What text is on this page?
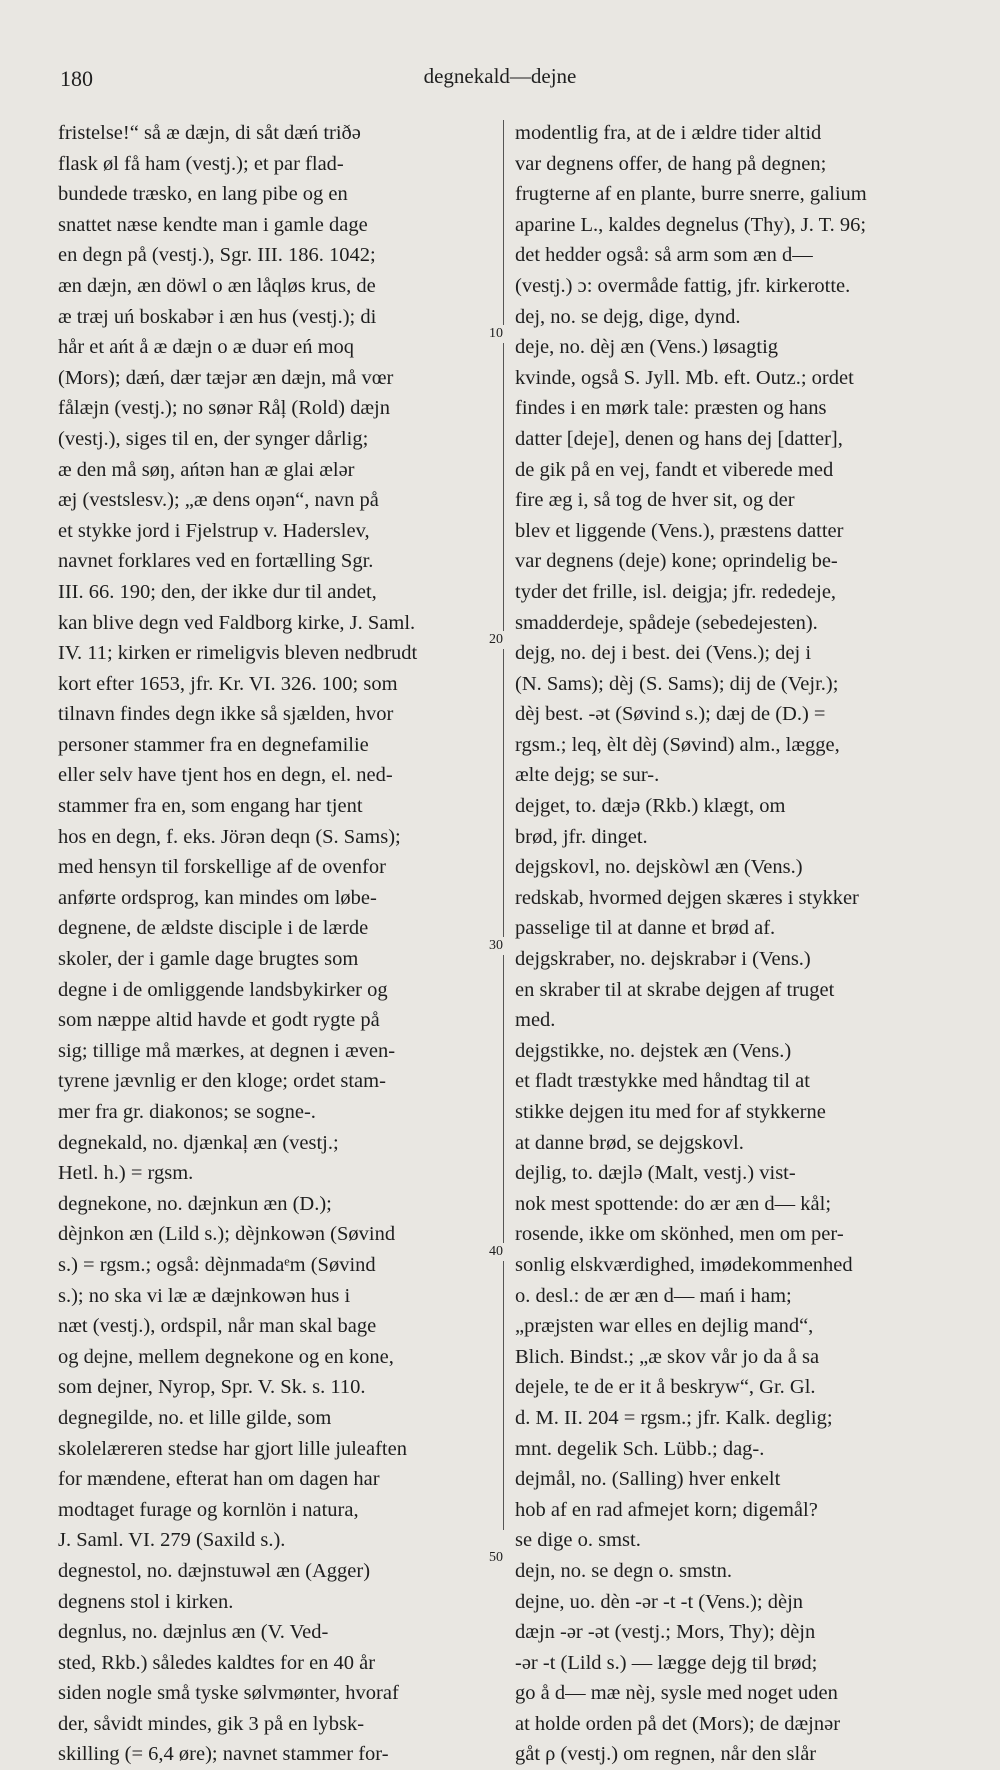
180	degnekald—dejne
10
20
30
40
50
fristelse!“ så æ dæjn, di såt dæń triðə
flask øl få ham (vestj.); et par flad-
bundede træsko, en lang pibe og en
snattet næse kendte man i gamle dage
en degn på (vestj.), Sgr. III. 186. 1042;
æn dæjn, æn döwl o æn låqløs krus, de
æ træj uń boskabər i æn hus (vestj.); di
hår et ańt å æ dæjn o æ duər eń moq
(Mors); dæń, dær tæjər æn dæjn, må vœr
fålæjn (vestj.); no sønər Råļ (Rold) dæjn
(vestj.), siges til en, der synger dårlig;
æ den må søŋ, ańtən han æ glai ælər
æj (vestslesv.); „æ dens oŋən“, navn på
et stykke jord i Fjelstrup v. Haderslev,
navnet forklares ved en fortælling Sgr.
III. 66. 190; den, der ikke dur til andet,
kan blive degn ved Faldborg kirke, J. Saml.
IV. 11; kirken er rimeligvis bleven nedbrudt
kort efter 1653, jfr. Kr. VI. 326. 100; som
tilnavn findes degn ikke så sjælden, hvor
personer stammer fra en degnefamilie
eller selv have tjent hos en degn, el. ned-
stammer fra en, som engang har tjent
hos en degn, f. eks. Jörən deqn (S. Sams);
med hensyn til forskellige af de ovenfor
anførte ordsprog, kan mindes om løbe-
degnene, de ældste disciple i de lærde
skoler, der i gamle dage brugtes som
degne i de omliggende landsbykirker og
som næppe altid havde et godt rygte på
sig; tillige må mærkes, at degnen i æven-
tyrene jævnlig er den kloge; ordet stam-
mer fra gr. diakonos; se sogne-.
degnekald, no. djænkaļ æn (vestj.;
Hetl. h.) = rgsm.
degnekone, no. dæjnkun æn (D.);
dèjnkon æn (Lild s.); dèjnkowən (Søvind
s.) = rgsm.; også: dèjnmadaᵉm (Søvind
s.); no ska vi læ æ dæjnkowən hus i
næt (vestj.), ordspil, når man skal bage
og dejne, mellem degnekone og en kone,
som dejner, Nyrop, Spr. V. Sk. s. 110.
degnegilde, no. et lille gilde, som
skolelæreren stedse har gjort lille juleaften
for mændene, efterat han om dagen har
modtaget furage og kornlön i natura,
J. Saml. VI. 279 (Saxild s.).
degnestol, no. dæjnstuwəl æn (Agger)
degnens stol i kirken.
degnlus, no. dæjnlus æn (V. Ved-
sted, Rkb.) således kaldtes for en 40 år
siden nogle små tyske sølvmønter, hvoraf
der, såvidt mindes, gik 3 på en lybsk-
skilling (= 6,4 øre); navnet stammer for-
modentlig fra, at de i ældre tider altid
var degnens offer, de hang på degnen;
frugterne af en plante, burre snerre, galium
aparine L., kaldes degnelus (Thy), J. T. 96;
det hedder også: så arm som æn d—
(vestj.) ɔ: overmåde fattig, jfr. kirkerotte.
dej, no. se dejg, dige, dynd.
deje, no. dèj æn (Vens.) løsagtig
kvinde, også S. Jyll. Mb. eft. Outz.; ordet
findes i en mørk tale: præsten og hans
datter [deje], denen og hans dej [datter],
de gik på en vej, fandt et viberede med
fire æg i, så tog de hver sit, og der
blev et liggende (Vens.), præstens datter
var degnens (deje) kone; oprindelig be-
tyder det frille, isl. deigja; jfr. rededeje,
smadderdeje, spådeje (sebedejesten).
dejg, no. dej i best. dei (Vens.); dej i
(N. Sams); dèj (S. Sams); dij de (Vejr.);
dèj best. -ət (Søvind s.); dæj de (D.) =
rgsm.; leq, èlt dèj (Søvind) alm., lægge,
ælte dejg; se sur-.
dejget, to. dæjə (Rkb.) klægt, om
brød, jfr. dinget.
dejgskovl, no. dejskòwl æn (Vens.)
redskab, hvormed dejgen skæres i stykker
passelige til at danne et brød af.
dejgskraber, no. dejskrabər i (Vens.)
en skraber til at skrabe dejgen af truget
med.
dejgstikke, no. dejstek æn (Vens.)
et fladt træstykke med håndtag til at
stikke dejgen itu med for af stykkerne
at danne brød, se dejgskovl.
dejlig, to. dæjlə (Malt, vestj.) vist-
nok mest spottende: do ær æn d— kål;
rosende, ikke om skönhed, men om per-
sonlig elskværdighed, imødekommenhed
o. desl.: de ær æn d— mań i ham;
„præjsten war elles en dejlig mand“,
Blich. Bindst.; „æ skov vår jo da å sa
dejele, te de er it å beskryw“, Gr. Gl.
d. M. II. 204 = rgsm.; jfr. Kalk. deglig;
mnt. degelik Sch. Lübb.; dag-.
dejmål, no. (Salling) hver enkelt
hob af en rad afmejet korn; digemål?
se dige o. smst.
dejn, no. se degn o. smstn.
dejne, uo. dèn -ər -t -t (Vens.); dèjn
dæjn -ər -ət (vestj.; Mors, Thy); dèjn
-ər -t (Lild s.) — lægge dejg til brød;
go å d— mæ nèj, sysle med noget uden
at holde orden på det (Mors); de dæjnər
gåt ρ (vestj.) om regnen, når den slår
